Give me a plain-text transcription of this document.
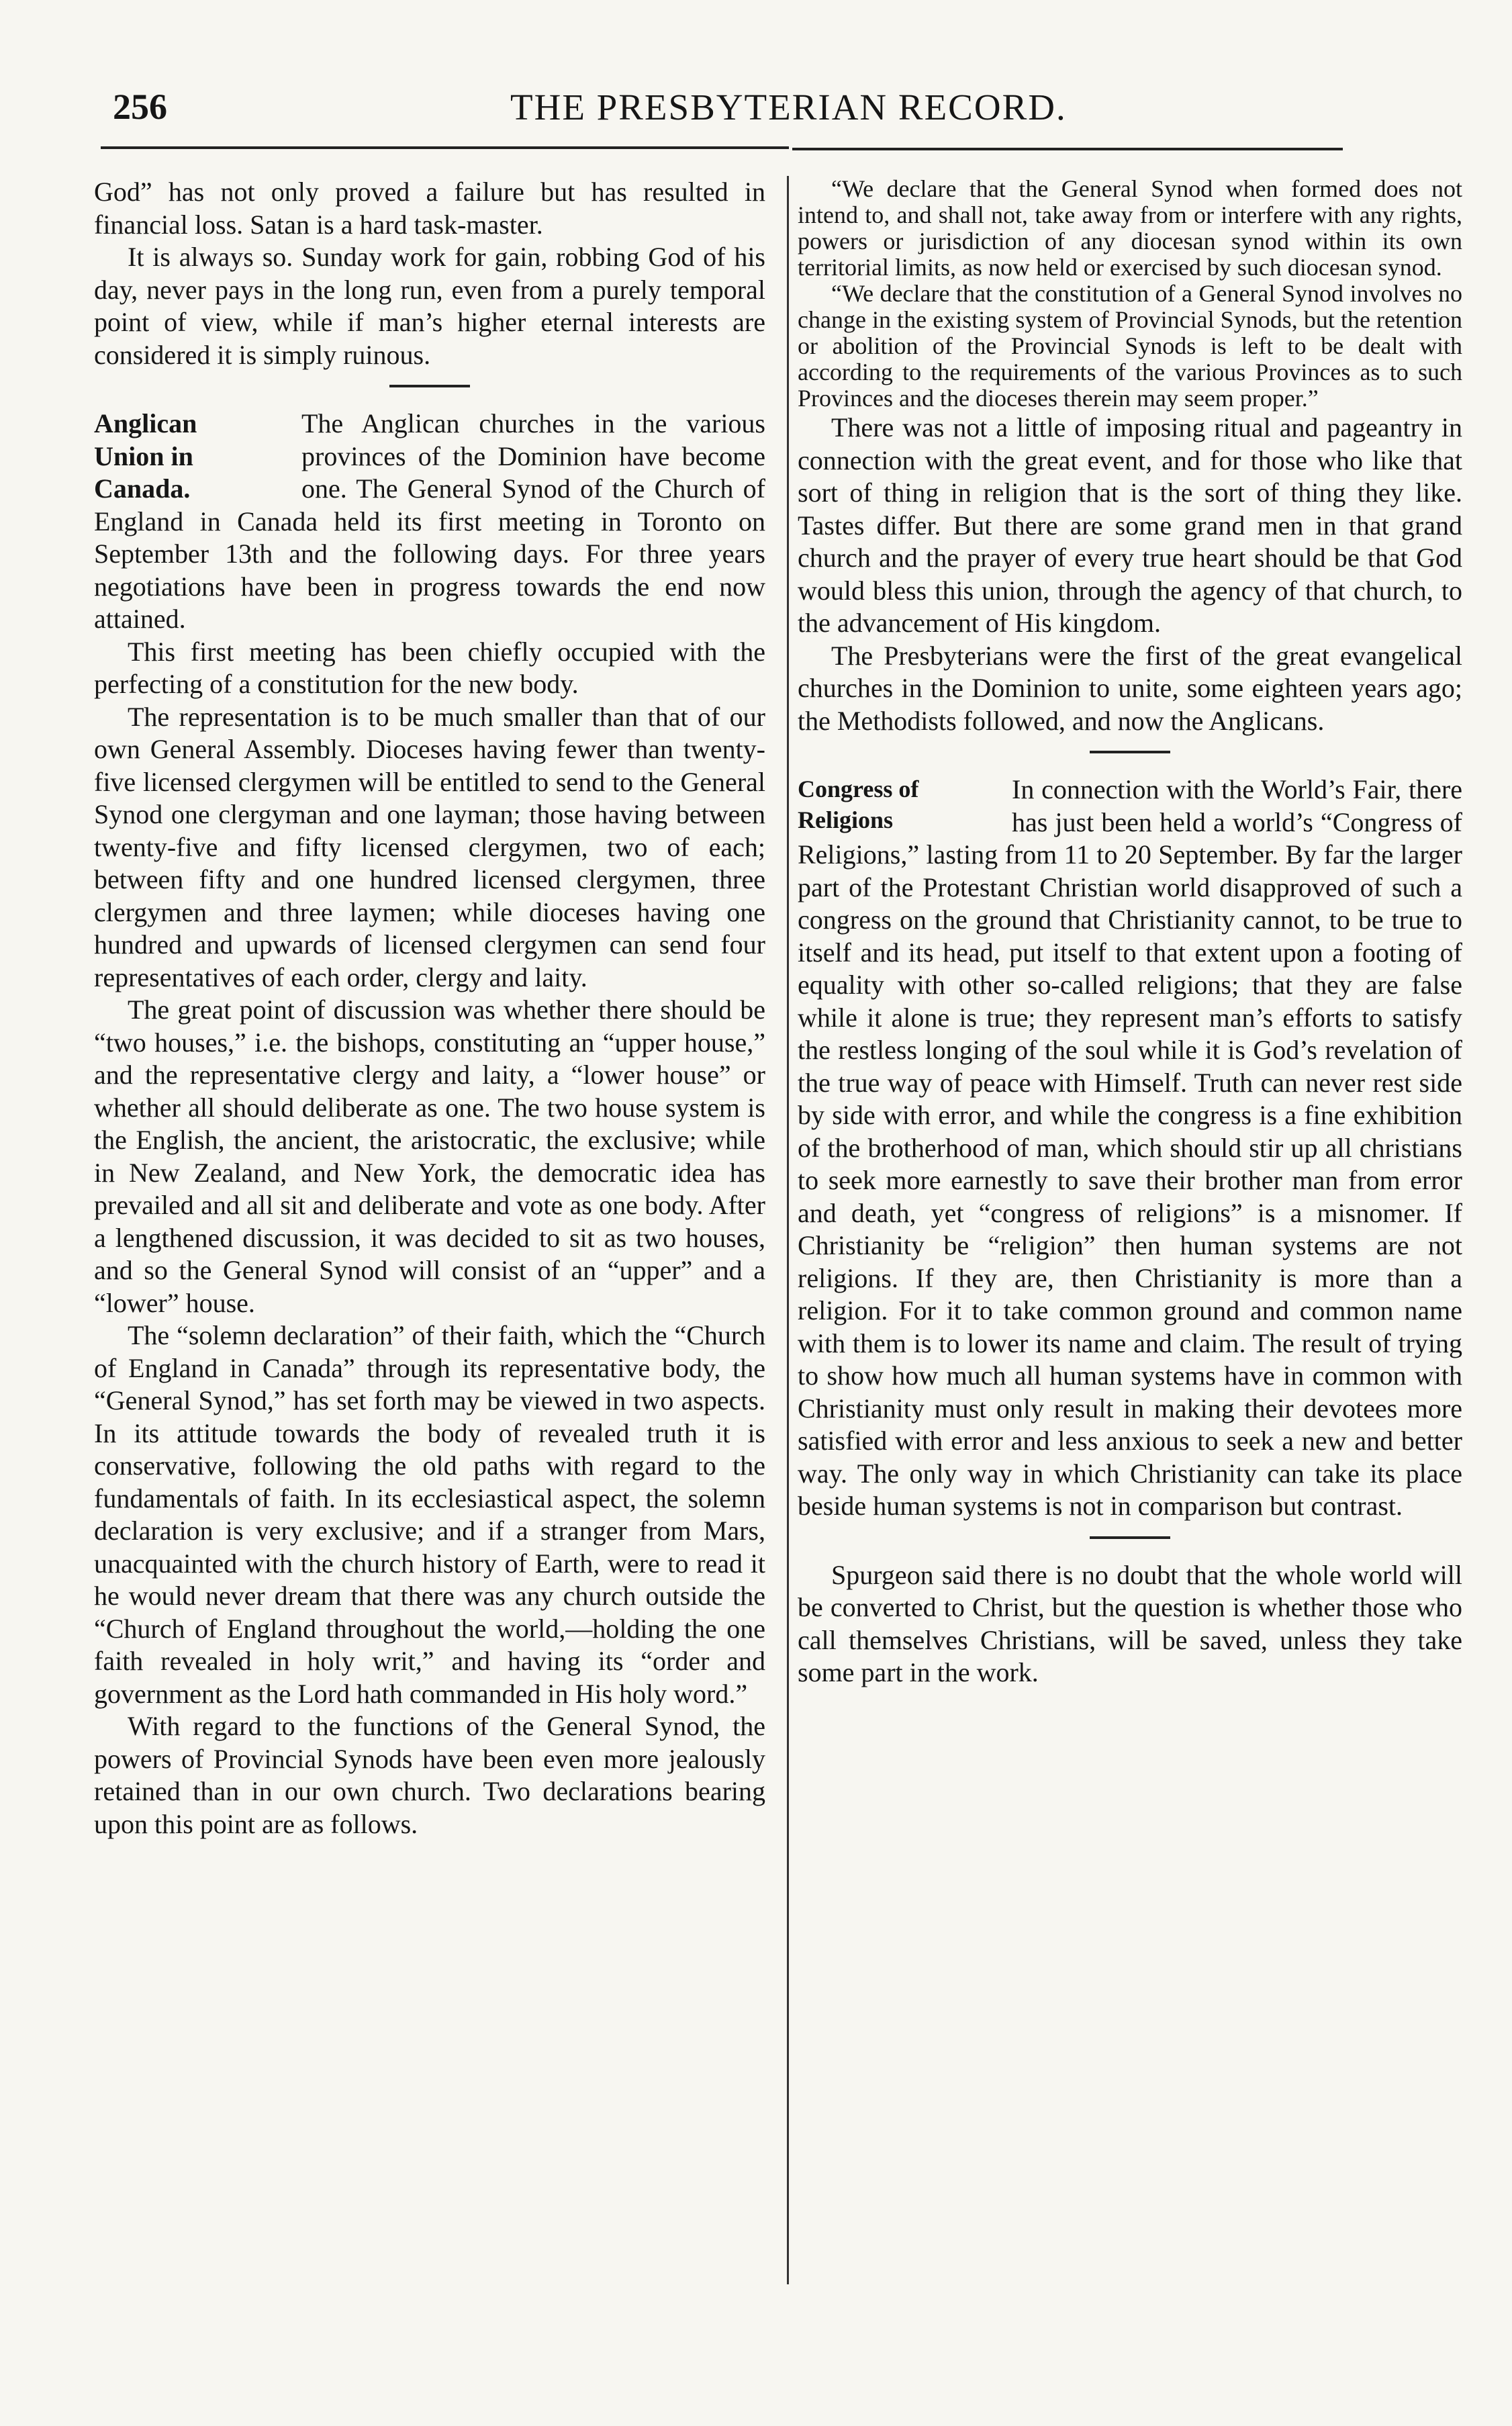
256	THE PRESBYTERIAN RECORD.

God” has not only proved a failure but has resulted in financial loss. Satan is a hard task-master.

It is always so. Sunday work for gain, robbing God of his day, never pays in the long run, even from a purely temporal point of view, while if man’s higher eternal interests are considered it is simply ruinous.

Anglican
Union in
Canada.

The Anglican churches in the various provinces of the Dominion have become one. The General Synod of the Church of England in Canada held its first meeting in Toronto on September 13th and the following days. For three years negotiations have been in progress towards the end now attained.

This first meeting has been chiefly occupied with the perfecting of a constitution for the new body.

The representation is to be much smaller than that of our own General Assembly. Dioceses having fewer than twenty-five licensed clergymen will be entitled to send to the General Synod one clergyman and one layman; those having between twenty-five and fifty licensed clergymen, two of each; between fifty and one hundred licensed clergymen, three clergymen and three laymen; while dioceses having one hundred and upwards of licensed clergymen can send four representatives of each order, clergy and laity.

The great point of discussion was whether there should be “two houses,” i.e. the bishops, constituting an “upper house,” and the representative clergy and laity, a “lower house” or whether all should deliberate as one. The two house system is the English, the ancient, the aristocratic, the exclusive; while in New Zealand, and New York, the democratic idea has prevailed and all sit and deliberate and vote as one body. After a lengthened discussion, it was decided to sit as two houses, and so the General Synod will consist of an “upper” and a “lower” house.

The “solemn declaration” of their faith, which the “Church of England in Canada” through its representative body, the “General Synod,” has set forth may be viewed in two aspects. In its attitude towards the body of revealed truth it is conservative, following the old paths with regard to the fundamentals of faith. In its ecclesiastical aspect, the solemn declaration is very exclusive; and if a stranger from Mars, unacquainted with the church history of Earth, were to read it he would never dream that there was any church outside the “Church of England throughout the world,—holding the one faith revealed in holy writ,” and having its “order and government as the Lord hath commanded in His holy word.”

With regard to the functions of the General Synod, the powers of Provincial Synods have been even more jealously retained than in our own church. Two declarations bearing upon this point are as follows.

“We declare that the General Synod when formed does not intend to, and shall not, take away from or interfere with any rights, powers or jurisdiction of any diocesan synod within its own territorial limits, as now held or exercised by such diocesan synod.

“We declare that the constitution of a General Synod involves no change in the existing system of Provincial Synods, but the retention or abolition of the Provincial Synods is left to be dealt with according to the requirements of the various Provinces as to such Provinces and the dioceses therein may seem proper.”

There was not a little of imposing ritual and pageantry in connection with the great event, and for those who like that sort of thing in religion that is the sort of thing they like. Tastes differ. But there are some grand men in that grand church and the prayer of every true heart should be that God would bless this union, through the agency of that church, to the advancement of His kingdom.

The Presbyterians were the first of the great evangelical churches in the Dominion to unite, some eighteen years ago; the Methodists followed, and now the Anglicans.

Congress of
Religions

In connection with the World’s Fair, there has just been held a world’s “Congress of Religions,” lasting from 11 to 20 September. By far the larger part of the Protestant Christian world disapproved of such a congress on the ground that Christianity cannot, to be true to itself and its head, put itself to that extent upon a footing of equality with other so-called religions; that they are false while it alone is true; they represent man’s efforts to satisfy the restless longing of the soul while it is God’s revelation of the true way of peace with Himself. Truth can never rest side by side with error, and while the congress is a fine exhibition of the brotherhood of man, which should stir up all christians to seek more earnestly to save their brother man from error and death, yet “congress of religions” is a misnomer. If Christianity be “religion” then human systems are not religions. If they are, then Christianity is more than a religion. For it to take common ground and common name with them is to lower its name and claim. The result of trying to show how much all human systems have in common with Christianity must only result in making their devotees more satisfied with error and less anxious to seek a new and better way. The only way in which Christianity can take its place beside human systems is not in comparison but contrast.

Spurgeon said there is no doubt that the whole world will be converted to Christ, but the question is whether those who call themselves Christians, will be saved, unless they take some part in the work.
